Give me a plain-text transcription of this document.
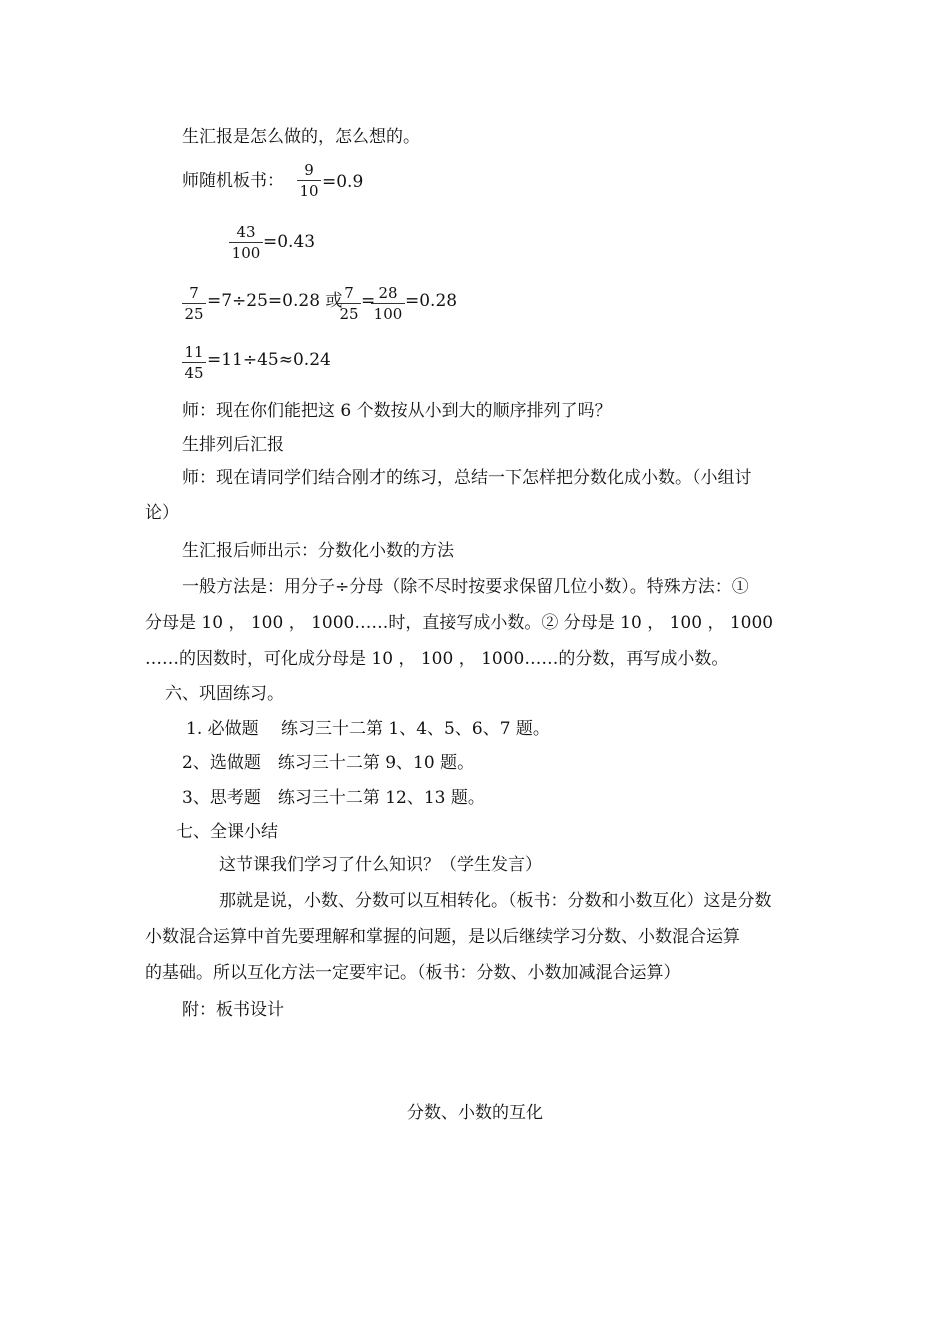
生汇报是怎么做的，怎么想的。
师随机板书： $\frac{9}{10} =0.9$
$\frac{43}{100} =0.43$
$\frac{7}{25} =7\div 25=0.28$ 或
$\frac{7}{25}$ =
$\frac{28}{100} =0.28$
$\frac{11}{45} =11\div 45\approx 0.24$
师：现在你们能把这 6 个数按从小到大的顺序排列了吗？
生排列后汇报
师：现在请同学们结合刚才的练习，总结一下怎样把分数化成小数。（小组讨
论）
生汇报后师出示：分数化小数的方法
一般方法是：用分子÷分母（除不尽时按要求保留几位小数）。特殊方法：①
分母是 10 ， 100 ， 1000……时，直接写成小数。② 分母是 10 ， 100 ， 1000
……的因数时，可化成分母是 10 ， 100 ， 1000……的分数，再写成小数。
六、巩固练习。
1. 必做题　 练习三十二第 1、4、5、6、7 题。
2、选做题　练习三十二第 9、10 题。
3、思考题　练习三十二第 12、13 题。
七、全课小结
这节课我们学习了什么知识？（学生发言）
那就是说，小数、分数可以互相转化。（板书：分数和小数互化）这是分数
小数混合运算中首先要理解和掌握的问题，是以后继续学习分数、小数混合运算
的基础。所以互化方法一定要牢记。（板书：分数、小数加减混合运算）
附：板书设计
分数、小数的互化
